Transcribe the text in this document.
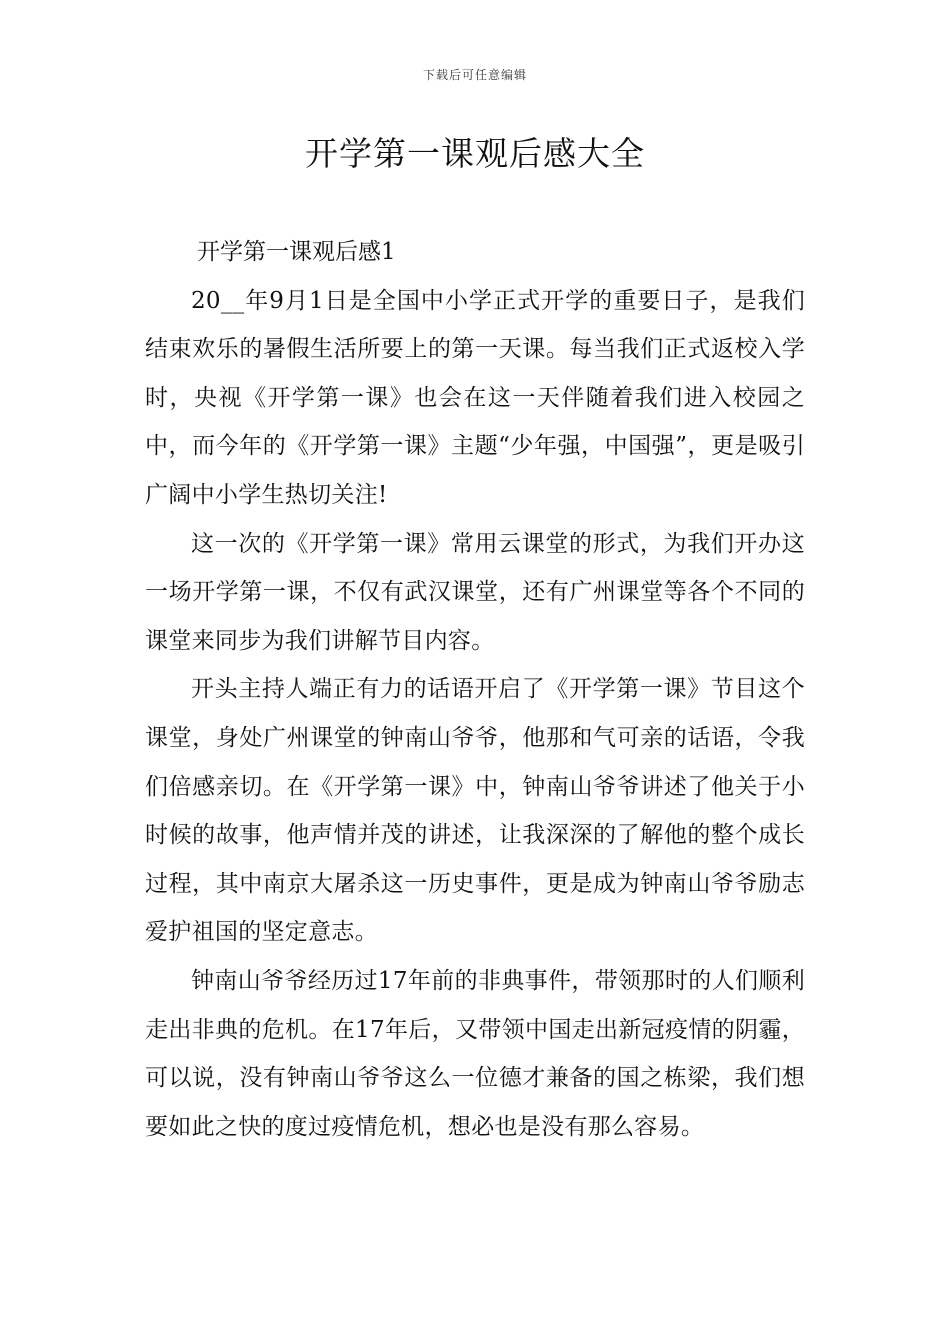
下载后可任意编辑
开学第一课观后感大全

开学第一课观后感1

20__年9月1日是全国中小学正式开学的重要日子，是我们结束欢乐的暑假生活所要上的第一天课。每当我们正式返校入学时，央视《开学第一课》也会在这一天伴随着我们进入校园之中，而今年的《开学第一课》主题“少年强，中国强”，更是吸引广阔中小学生热切关注!

这一次的《开学第一课》常用云课堂的形式，为我们开办这一场开学第一课，不仅有武汉课堂，还有广州课堂等各个不同的课堂来同步为我们讲解节目内容。

开头主持人端正有力的话语开启了《开学第一课》节目这个课堂，身处广州课堂的钟南山爷爷，他那和气可亲的话语，令我们倍感亲切。在《开学第一课》中，钟南山爷爷讲述了他关于小时候的故事，他声情并茂的讲述，让我深深的了解他的整个成长过程，其中南京大屠杀这一历史事件，更是成为钟南山爷爷励志爱护祖国的坚定意志。

钟南山爷爷经历过17年前的非典事件，带领那时的人们顺利走出非典的危机。在17年后，又带领中国走出新冠疫情的阴霾，可以说，没有钟南山爷爷这么一位德才兼备的国之栋梁，我们想要如此之快的度过疫情危机，想必也是没有那么容易。
